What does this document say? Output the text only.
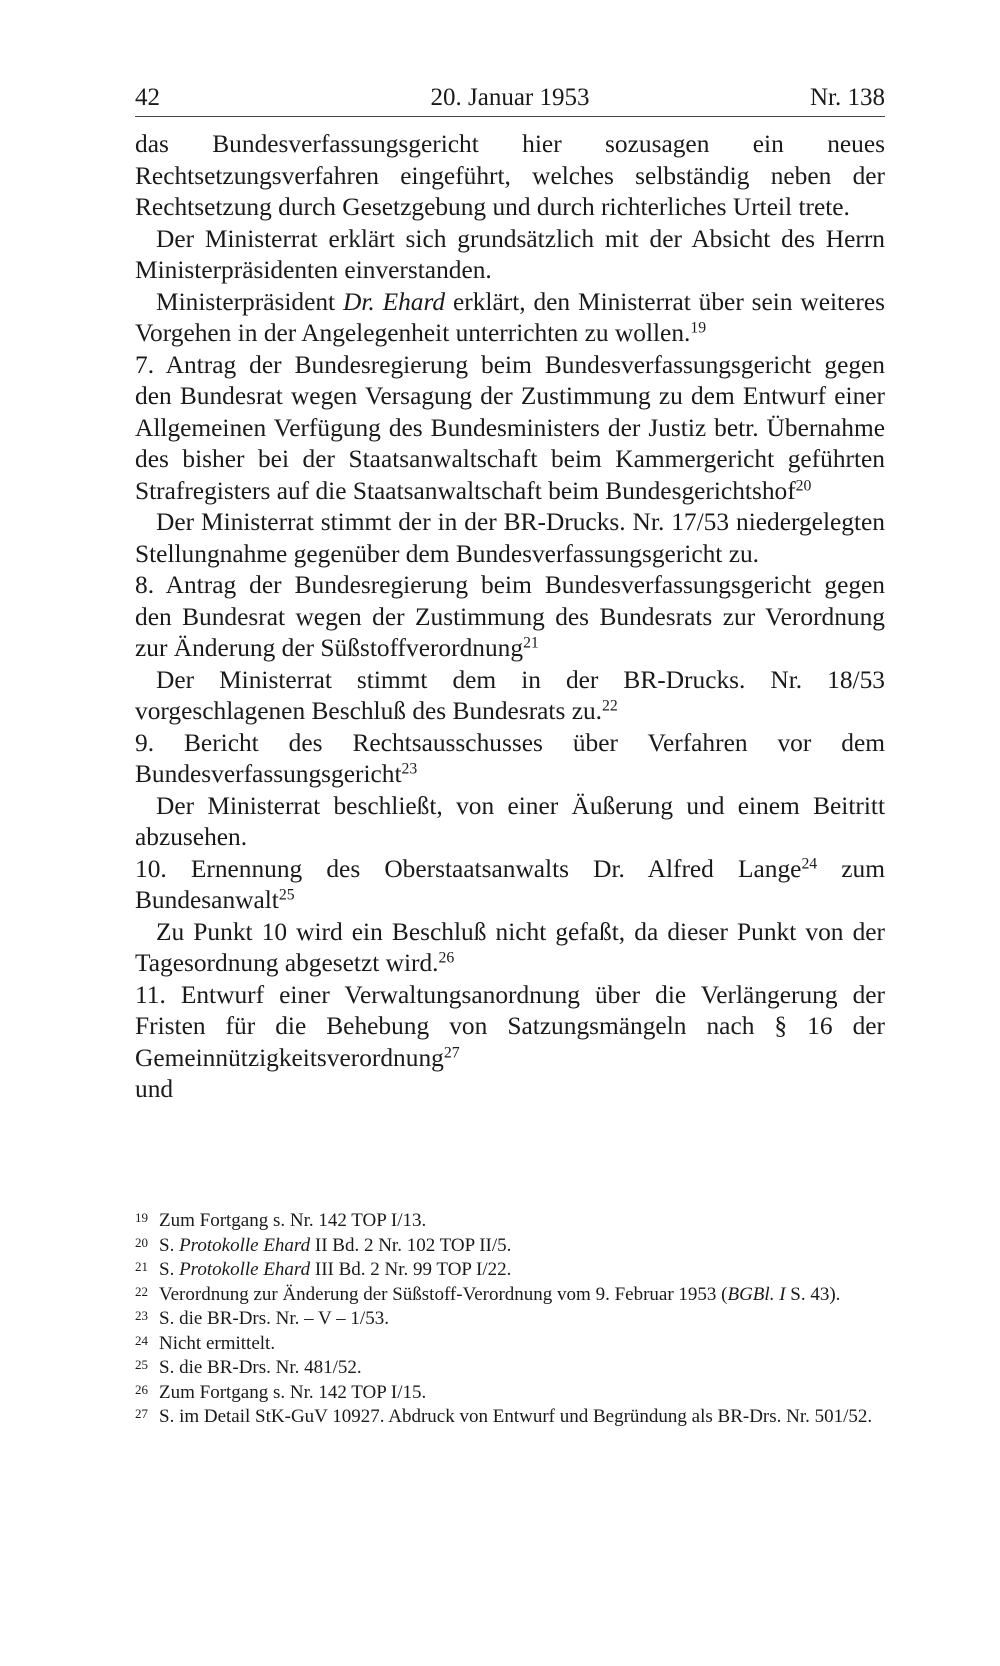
42	20. Januar 1953	Nr. 138

das Bundesverfassungsgericht hier sozusagen ein neues Rechtsetzungsverfahren eingeführt, welches selbständig neben der Rechtsetzung durch Gesetzgebung und durch richterliches Urteil trete.

Der Ministerrat erklärt sich grundsätzlich mit der Absicht des Herrn Ministerpräsidenten einverstanden.

Ministerpräsident Dr. Ehard erklärt, den Ministerrat über sein weiteres Vorgehen in der Angelegenheit unterrichten zu wollen.$^{19}$

7. Antrag der Bundesregierung beim Bundesverfassungsgericht gegen den Bundesrat wegen Versagung der Zustimmung zu dem Entwurf einer Allgemeinen Verfügung des Bundesministers der Justiz betr. Übernahme des bisher bei der Staatsanwaltschaft beim Kammergericht geführten Strafregisters auf die Staatsanwaltschaft beim Bundesgerichtshof$^{20}$

Der Ministerrat stimmt der in der BR-Drucks. Nr. 17/53 niedergelegten Stellungnahme gegenüber dem Bundesverfassungsgericht zu.

8. Antrag der Bundesregierung beim Bundesverfassungsgericht gegen den Bundesrat wegen der Zustimmung des Bundesrats zur Verordnung zur Änderung der Süßstoffverordnung$^{21}$

Der Ministerrat stimmt dem in der BR-Drucks. Nr. 18/53 vorgeschlagenen Beschluß des Bundesrats zu.$^{22}$

9. Bericht des Rechtsausschusses über Verfahren vor dem Bundesverfassungsgericht$^{23}$

Der Ministerrat beschließt, von einer Äußerung und einem Beitritt abzusehen.

10. Ernennung des Oberstaatsanwalts Dr. Alfred Lange$^{24}$ zum Bundesanwalt$^{25}$

Zu Punkt 10 wird ein Beschluß nicht gefaßt, da dieser Punkt von der Tagesordnung abgesetzt wird.$^{26}$

11. Entwurf einer Verwaltungsanordnung über die Verlängerung der Fristen für die Behebung von Satzungsmängeln nach § 16 der Gemeinnützigkeitsverordnung$^{27}$

und

19 Zum Fortgang s. Nr. 142 TOP I/13.
20 S. Protokolle Ehard II Bd. 2 Nr. 102 TOP II/5.
21 S. Protokolle Ehard III Bd. 2 Nr. 99 TOP I/22.
22 Verordnung zur Änderung der Süßstoff-Verordnung vom 9. Februar 1953 (BGBl. I S. 43).
23 S. die BR-Drs. Nr. – V – 1/53.
24 Nicht ermittelt.
25 S. die BR-Drs. Nr. 481/52.
26 Zum Fortgang s. Nr. 142 TOP I/15.
27 S. im Detail StK-GuV 10927. Abdruck von Entwurf und Begründung als BR-Drs. Nr. 501/52.
